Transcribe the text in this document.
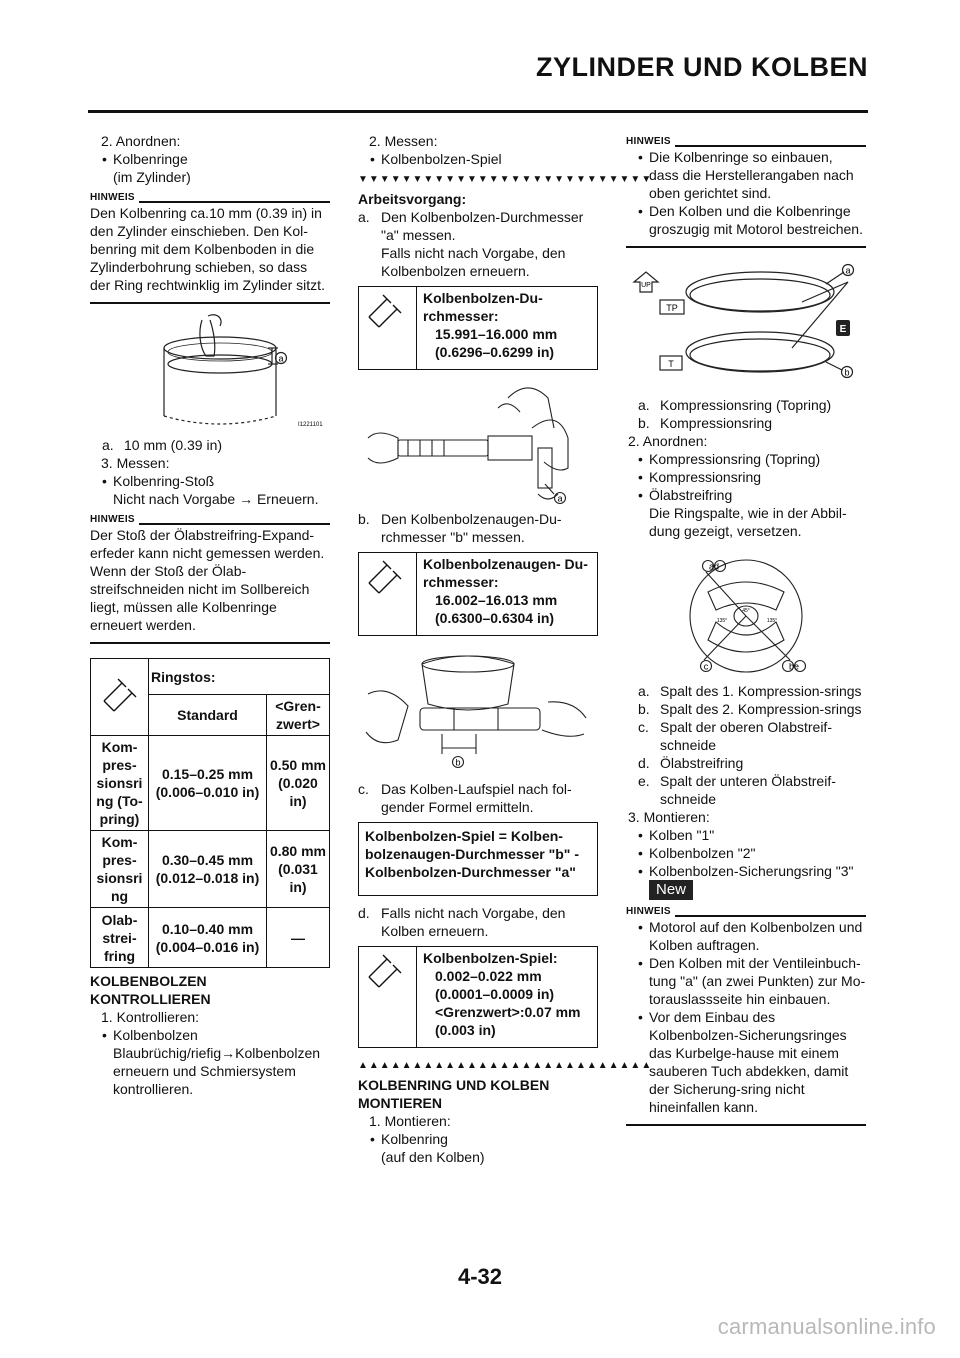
ZYLINDER UND KOLBEN

2. Anordnen:

• Kolbenringe

(im Zylinder)

HINWEIS

Den Kolbenring ca.10 mm (0.39 in) in den Zylinder einschieben. Den Kol-benring mit dem Kolbenboden in die Zylinderbohrung schieben, so dass der Ring rechtwinklig im Zylinder sitzt.

a
I1221101
a. 10 mm (0.39 in)

3. Messen:

• Kolbenring-Stoß

Nicht nach Vorgabe → Erneuern.

HINWEIS

Der Stoß der Ölabstreifring-Expand-erfeder kann nicht gemessen werden. Wenn der Stoß der Ölab-streifschneiden nicht im Sollbereich liegt, müssen alle Kolbenringe erneuert werden.

	Ringstos:	
	Standard	<Gren-zwert>
Kom-pres-sionsri ng (To-pring)	0.15–0.25 mm (0.006–0.010 in)	0.50 mm (0.020 in)
Kom-pres-sionsri ng	0.30–0.45 mm (0.012–0.018 in)	0.80 mm (0.031 in)
Olab-strei-fring	0.10–0.40 mm (0.004–0.016 in)	—

KOLBENBOLZEN KONTROLLIEREN

1. Kontrollieren:

• Kolbenbolzen

Blaubrüchig/riefig→Kolbenbolzen erneuern und Schmiersystem kontrollieren.

2. Messen:

• Kolbenbolzen-Spiel

▼▼▼▼▼▼▼▼▼▼▼▼▼▼▼▼▼▼▼▼▼▼▼▼▼▼▼

Arbeitsvorgang:

a. Den Kolbenbolzen-Durchmesser "a" messen.
Falls nicht nach Vorgabe, den Kolbenbolzen erneuern.
Kolbenbolzen-Du-rchmesser:
15.991–16.000 mm (0.6296–0.6299 in)
a
b. Den Kolbenbolzenaugen-Du-rchmesser "b" messen.
Kolbenbolzenaugen- Du-rchmesser:
16.002–16.013 mm (0.6300–0.6304 in)
b
c. Das Kolben-Laufspiel nach fol-gender Formel ermitteln.
Kolbenbolzen-Spiel = Kolben-bolzenaugen-Durchmesser "b" - Kolbenbolzen-Durchmesser "a"
d. Falls nicht nach Vorgabe, den Kolben erneuern.
Kolbenbolzen-Spiel:
0.002–0.022 mm (0.0001–0.0009 in)
<Grenzwert>:0.07 mm (0.003 in)
▲▲▲▲▲▲▲▲▲▲▲▲▲▲▲▲▲▲▲▲▲▲▲▲▲▲▲

KOLBENRING UND KOLBEN MONTIEREN

1. Montieren:

• Kolbenring

(auf den Kolben)

HINWEIS

• Die Kolbenringe so einbauen, dass die Herstellerangaben nach oben gerichtet sind.

• Den Kolben und die Kolbenringe groszugig mit Motorol bestreichen.

UP
TP
T
a
b
E
a. Kompressionsring (Topring)
b. Kompressionsring

2. Anordnen:

• Kompressionsring (Topring)

• Kompressionsring

• Ölabstreifring

Die Ringspalte, wie in der Abbil-dung gezeigt, versetzen.

ad
c	be
135°	135°
45°
a. Spalt des 1. Kompression-srings
b. Spalt des 2. Kompression-srings
c. Spalt der oberen Olabstreif-schneide
d. Ölabstreifring
e. Spalt der unteren Ölabstreif-schneide

3. Montieren:

• Kolben "1"

• Kolbenbolzen "2"

• Kolbenbolzen-Sicherungsring "3"

New
HINWEIS

• Motorol auf den Kolbenbolzen und Kolben auftragen.

• Den Kolben mit der Ventileinbuch-tung "a" (an zwei Punkten) zur Mo-torauslassseite hin einbauen.

• Vor dem Einbau des Kolbenbolzen-Sicherungsringes das Kurbelge-hause mit einem sauberen Tuch abdekken, damit der Sicherung-sring nicht hineinfallen kann.

4-32
carmanualsonline.info
